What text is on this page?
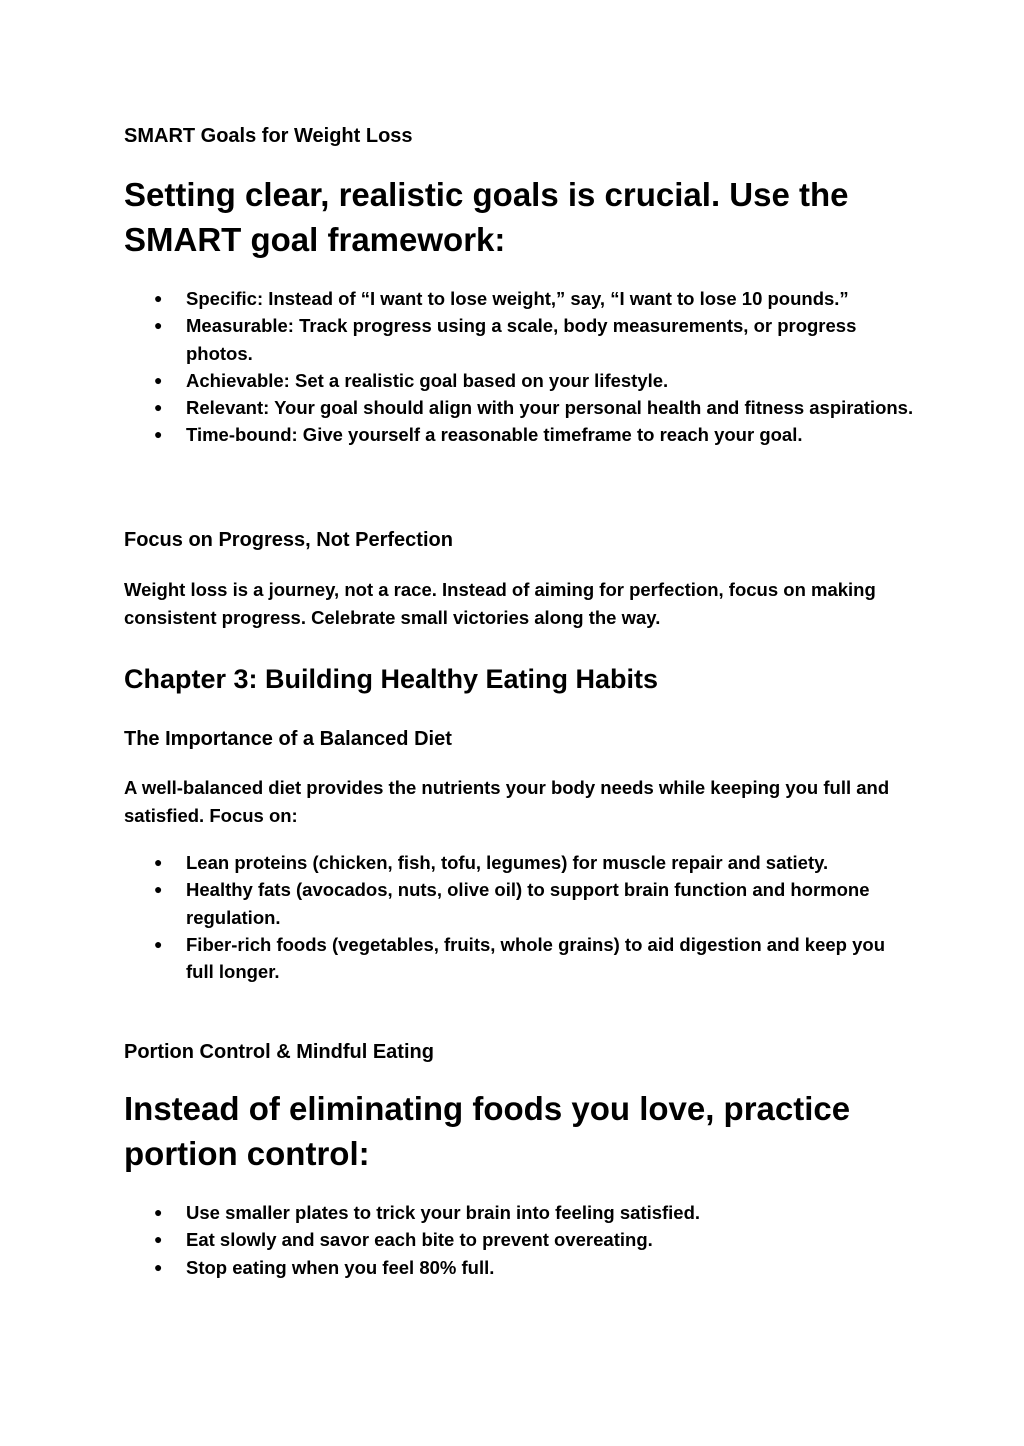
SMART Goals for Weight Loss

Setting clear, realistic goals is crucial. Use the SMART goal framework:
● Specific: Instead of “I want to lose weight,” say, “I want to lose 10 pounds.”
● Measurable: Track progress using a scale, body measurements, or progress photos.
● Achievable: Set a realistic goal based on your lifestyle.
● Relevant: Your goal should align with your personal health and fitness aspirations.
● Time-bound: Give yourself a reasonable timeframe to reach your goal.

Focus on Progress, Not Perfection

Weight loss is a journey, not a race. Instead of aiming for perfection, focus on making consistent progress. Celebrate small victories along the way.

Chapter 3: Building Healthy Eating Habits

The Importance of a Balanced Diet

A well-balanced diet provides the nutrients your body needs while keeping you full and satisfied. Focus on:

● Lean proteins (chicken, fish, tofu, legumes) for muscle repair and satiety.
● Healthy fats (avocados, nuts, olive oil) to support brain function and hormone regulation.
● Fiber-rich foods (vegetables, fruits, whole grains) to aid digestion and keep you full longer.

Portion Control & Mindful Eating

Instead of eliminating foods you love, practice portion control:
● Use smaller plates to trick your brain into feeling satisfied.
● Eat slowly and savor each bite to prevent overeating.
● Stop eating when you feel 80% full.
